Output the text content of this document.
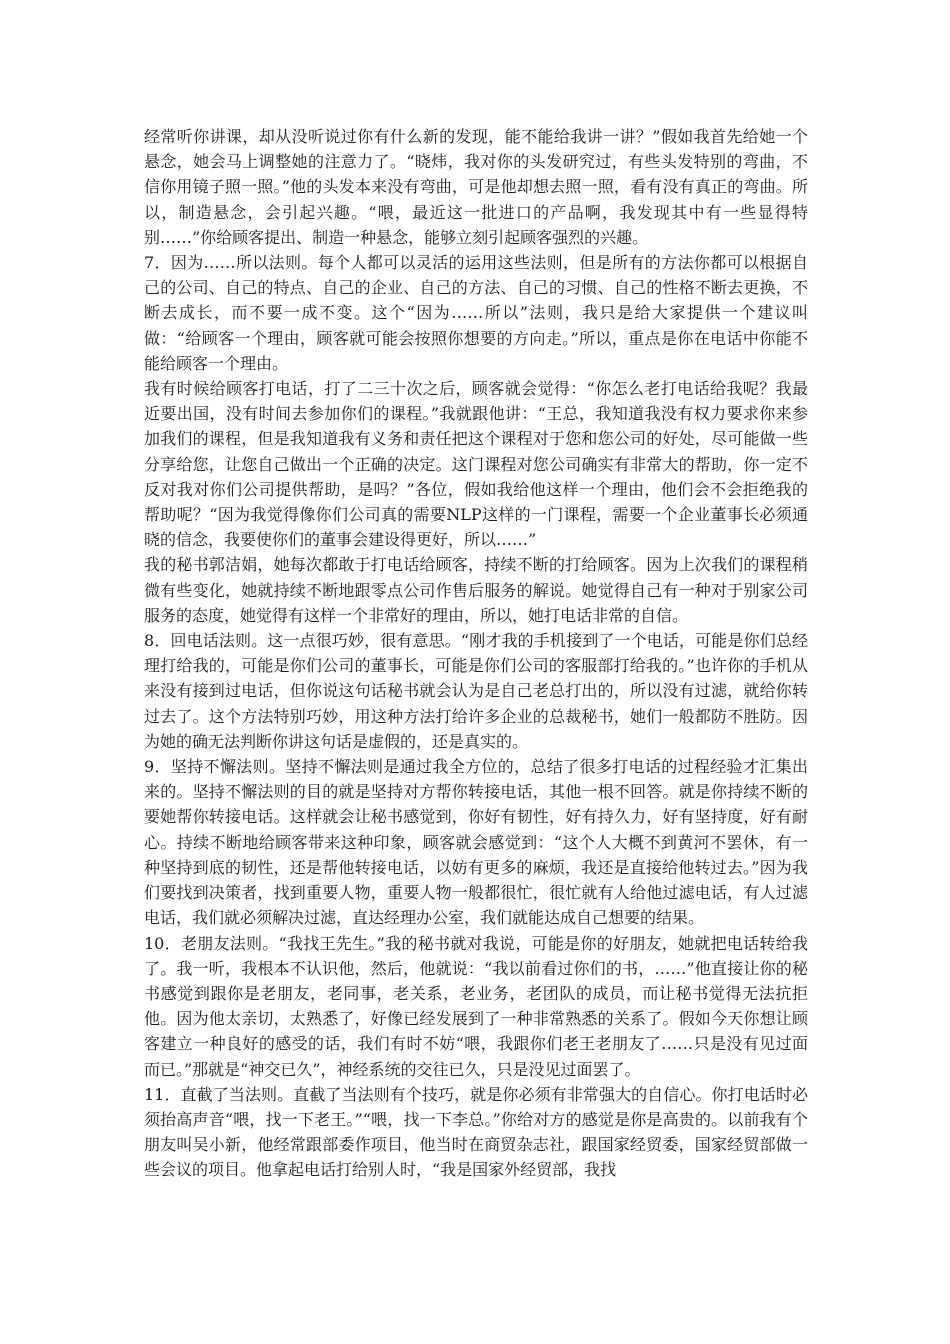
经常听你讲课，却从没听说过你有什么新的发现，能不能给我讲一讲？”假如我首先给她一个悬念，她会马上调整她的注意力了。“晓炜，我对你的头发研究过，有些头发特别的弯曲，不信你用镜子照一照。”他的头发本来没有弯曲，可是他却想去照一照，看有没有真正的弯曲。所以，制造悬念，会引起兴趣。“喂，最近这一批进口的产品啊，我发现其中有一些显得特别……”你给顾客提出、制造一种悬念，能够立刻引起顾客强烈的兴趣。

7．因为……所以法则。每个人都可以灵活的运用这些法则，但是所有的方法你都可以根据自己的公司、自己的特点、自己的企业、自己的方法、自己的习惯、自己的性格不断去更换，不断去成长，而不要一成不变。这个“因为……所以”法则，我只是给大家提供一个建议叫做：“给顾客一个理由，顾客就可能会按照你想要的方向走。”所以，重点是你在电话中你能不能给顾客一个理由。

我有时候给顾客打电话，打了二三十次之后，顾客就会觉得：“你怎么老打电话给我呢？我最近要出国，没有时间去参加你们的课程。”我就跟他讲：“王总，我知道我没有权力要求你来参加我们的课程，但是我知道我有义务和责任把这个课程对于您和您公司的好处，尽可能做一些分享给您，让您自己做出一个正确的决定。这门课程对您公司确实有非常大的帮助，你一定不反对我对你们公司提供帮助，是吗？”各位，假如我给他这样一个理由，他们会不会拒绝我的帮助呢？“因为我觉得像你们公司真的需要NLP这样的一门课程，需要一个企业董事长必须通晓的信念，我要使你们的董事会建设得更好，所以……”

我的秘书郭洁娟，她每次都敢于打电话给顾客，持续不断的打给顾客。因为上次我们的课程稍微有些变化，她就持续不断地跟零点公司作售后服务的解说。她觉得自己有一种对于别家公司服务的态度，她觉得有这样一个非常好的理由，所以，她打电话非常的自信。

8．回电话法则。这一点很巧妙，很有意思。“刚才我的手机接到了一个电话，可能是你们总经理打给我的，可能是你们公司的董事长，可能是你们公司的客服部打给我的。”也许你的手机从来没有接到过电话，但你说这句话秘书就会认为是自己老总打出的，所以没有过滤，就给你转过去了。这个方法特别巧妙，用这种方法打给许多企业的总裁秘书，她们一般都防不胜防。因为她的确无法判断你讲这句话是虚假的，还是真实的。

9．坚持不懈法则。坚持不懈法则是通过我全方位的，总结了很多打电话的过程经验才汇集出来的。坚持不懈法则的目的就是坚持对方帮你转接电话，其他一根不回答。就是你持续不断的要她帮你转接电话。这样就会让秘书感觉到，你好有韧性，好有持久力，好有坚持度，好有耐心。持续不断地给顾客带来这种印象，顾客就会感觉到：“这个人大概不到黄河不罢休，有一种坚持到底的韧性，还是帮他转接电话，以妨有更多的麻烦，我还是直接给他转过去。”因为我们要找到决策者，找到重要人物，重要人物一般都很忙，很忙就有人给他过滤电话，有人过滤电话，我们就必须解决过滤，直达经理办公室，我们就能达成自己想要的结果。

10．老朋友法则。“我找王先生。”我的秘书就对我说，可能是你的好朋友，她就把电话转给我了。我一听，我根本不认识他，然后，他就说：“我以前看过你们的书，……”他直接让你的秘书感觉到跟你是老朋友，老同事，老关系，老业务，老团队的成员，而让秘书觉得无法抗拒他。因为他太亲切，太熟悉了，好像已经发展到了一种非常熟悉的关系了。假如今天你想让顾客建立一种良好的感受的话，我们有时不妨“喂，我跟你们老王老朋友了……只是没有见过面而已。”那就是“神交已久”，神经系统的交往已久，只是没见过面罢了。

11．直截了当法则。直截了当法则有个技巧，就是你必须有非常强大的自信心。你打电话时必须抬高声音“喂，找一下老王。”“喂，找一下李总。”你给对方的感觉是你是高贵的。以前我有个朋友叫吴小新，他经常跟部委作项目，他当时在商贸杂志社，跟国家经贸委，国家经贸部做一些会议的项目。他拿起电话打给别人时，“我是国家外经贸部，我找
